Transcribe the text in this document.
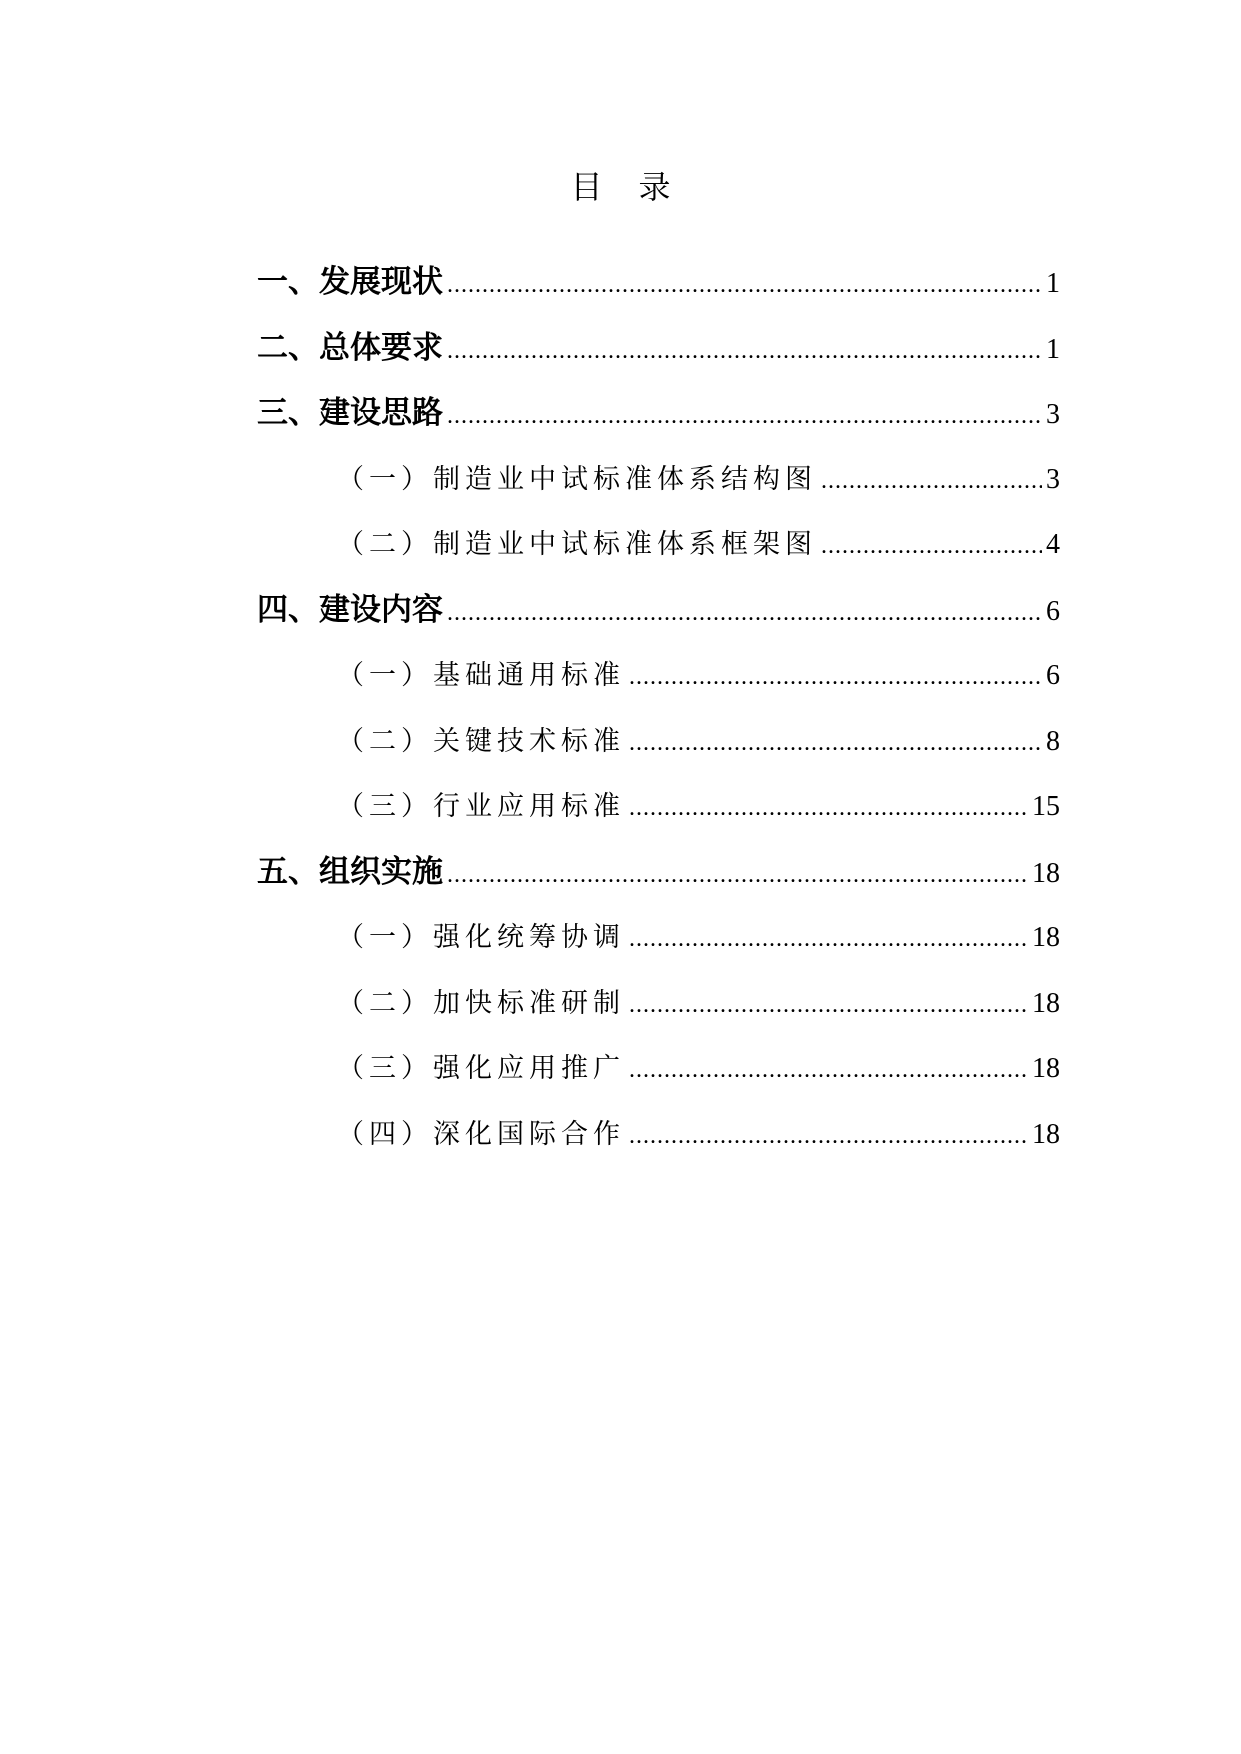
目 录
一、发展现状 .....	1
二、总体要求 .....	1
三、建设思路 .....	3
（一）制造业中试标准体系结构图 .....	3
（二）制造业中试标准体系框架图 .....	4
四、建设内容 .....	6
（一）基础通用标准 .....	6
（二）关键技术标准 .....	8
（三）行业应用标准 .....	15
五、组织实施 .....	18
（一）强化统筹协调 .....	18
（二）加快标准研制 .....	18
（三）强化应用推广 .....	18
（四）深化国际合作 .....	18
